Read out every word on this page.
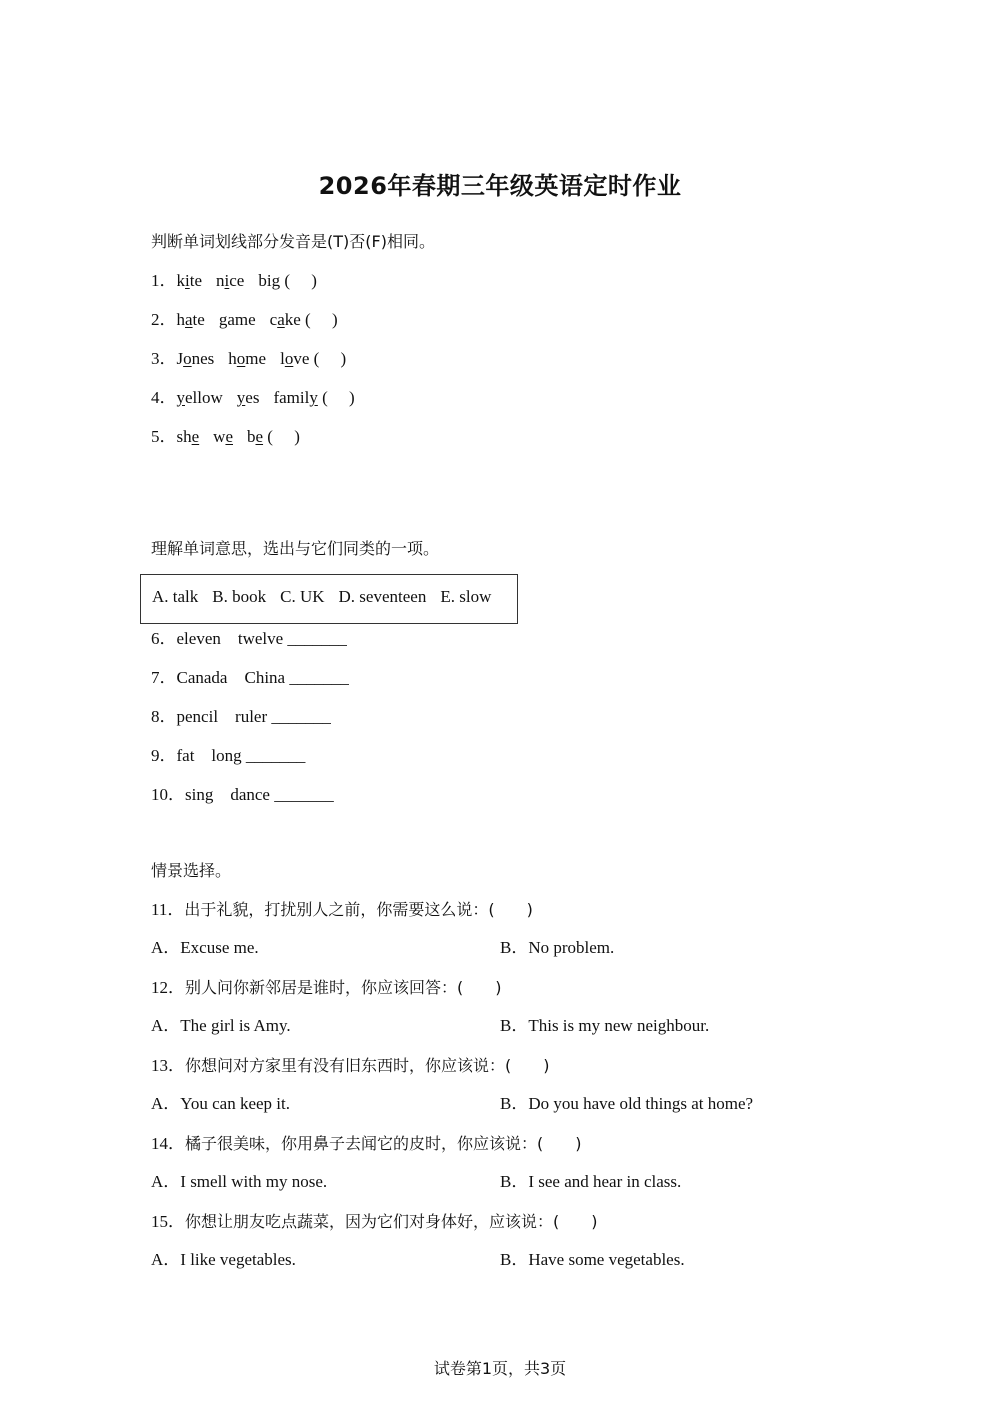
2026年春期三年级英语定时作业
判断单词划线部分发音是(T)否(F)相同。
1．kite nice big (　 )
2．hate game cake (　 )
3．Jones home love (　 )
4．yellow yes family (　 )
5．she we be (　 )
理解单词意思，选出与它们同类的一项。
A. talk B. book C. UK D. seventeen E. slow
6．eleven　twelve _______
7．Canada　China _______
8．pencil　ruler _______
9．fat　long _______
10．sing　dance _______
情景选择。
11．出于礼貌，打扰别人之前，你需要这么说：(　　)
A．Excuse me.	B．No problem.
12．别人问你新邻居是谁时，你应该回答：(　　)
A．The girl is Amy.	B．This is my new neighbour.
13．你想问对方家里有没有旧东西时，你应该说：(　　)
A．You can keep it.	B．Do you have old things at home?
14．橘子很美味，你用鼻子去闻它的皮时，你应该说：(　　)
A．I smell with my nose.	B．I see and hear in class.
15．你想让朋友吃点蔬菜，因为它们对身体好，应该说：(　　)
A．I like vegetables.	B．Have some vegetables.
试卷第1页，共3页
